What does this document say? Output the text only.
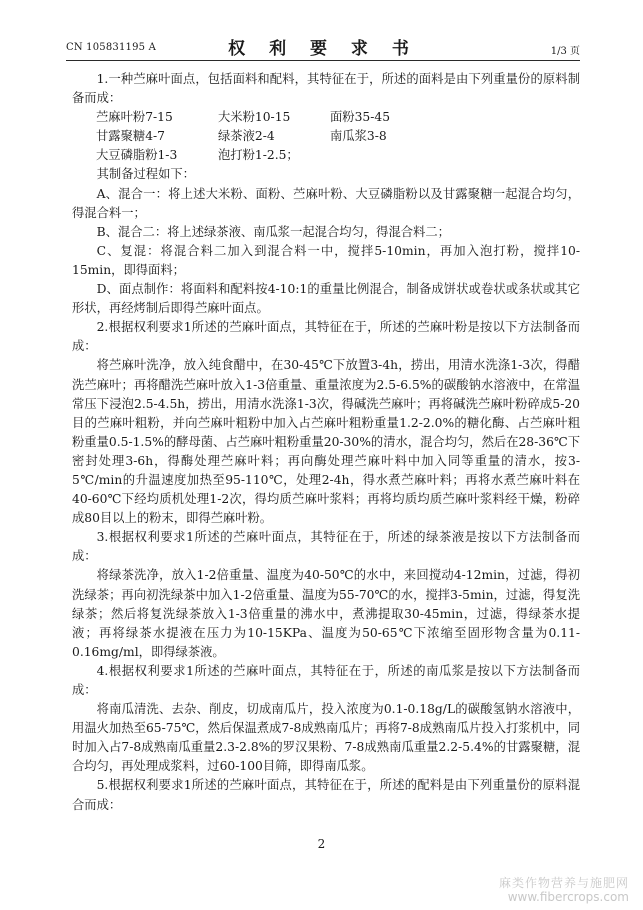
CN 105831195 A	权 利 要 求 书	1/3 页

1.一种苎麻叶面点，包括面料和配料，其特征在于，所述的面料是由下列重量份的原料制备而成：

苎麻叶粉7-15	大米粉10-15	面粉35-45
甘露聚糖4-7	绿茶液2-4	南瓜浆3-8
大豆磷脂粉1-3	泡打粉1-2.5；

其制备过程如下：

A、混合一：将上述大米粉、面粉、苎麻叶粉、大豆磷脂粉以及甘露聚糖一起混合均匀，得混合料一；

B、混合二：将上述绿茶液、南瓜浆一起混合均匀，得混合料二；

C、复混：将混合料二加入到混合料一中，搅拌5-10min，再加入泡打粉，搅拌10-15min，即得面料；

D、面点制作：将面料和配料按4-10:1的重量比例混合，制备成饼状或卷状或条状或其它形状，再经烤制后即得苎麻叶面点。

2.根据权利要求1所述的苎麻叶面点，其特征在于，所述的苎麻叶粉是按以下方法制备而成：

将苎麻叶洗净，放入纯食醋中，在30-45℃下放置3-4h，捞出，用清水洗涤1-3次，得醋洗苎麻叶；再将醋洗苎麻叶放入1-3倍重量、重量浓度为2.5-6.5%的碳酸钠水溶液中，在常温常压下浸泡2.5-4.5h，捞出，用清水洗涤1-3次，得碱洗苎麻叶；再将碱洗苎麻叶粉碎成5-20目的苎麻叶粗粉，并向苎麻叶粗粉中加入占苎麻叶粗粉重量1.2-2.0%的糖化酶、占苎麻叶粗粉重量0.5-1.5%的酵母菌、占苎麻叶粗粉重量20-30%的清水，混合均匀，然后在28-36℃下密封处理3-6h，得酶处理苎麻叶料；再向酶处理苎麻叶料中加入同等重量的清水，按3-5℃/min的升温速度加热至95-110℃，处理2-4h，得水煮苎麻叶料；再将水煮苎麻叶料在40-60℃下经均质机处理1-2次，得均质苎麻叶浆料；再将均质均质苎麻叶浆料经干燥，粉碎成80目以上的粉末，即得苎麻叶粉。

3.根据权利要求1所述的苎麻叶面点，其特征在于，所述的绿茶液是按以下方法制备而成：

将绿茶洗净，放入1-2倍重量、温度为40-50℃的水中，来回搅动4-12min，过滤，得初洗绿茶；再向初洗绿茶中加入1-2倍重量、温度为55-70℃的水，搅拌3-5min，过滤，得复洗绿茶；然后将复洗绿茶放入1-3倍重量的沸水中，煮沸提取30-45min，过滤，得绿茶水提液；再将绿茶水提液在压力为10-15KPa、温度为50-65℃下浓缩至固形物含量为0.11-0.16mg/ml，即得绿茶液。

4.根据权利要求1所述的苎麻叶面点，其特征在于，所述的南瓜浆是按以下方法制备而成：

将南瓜清洗、去杂、削皮，切成南瓜片，投入浓度为0.1-0.18g/L的碳酸氢钠水溶液中，用温火加热至65-75℃，然后保温煮成7-8成熟南瓜片；再将7-8成熟南瓜片投入打浆机中，同时加入占7-8成熟南瓜重量2.3-2.8%的罗汉果粉、7-8成熟南瓜重量2.2-5.4%的甘露聚糖，混合均匀，再处理成浆料，过60-100目筛，即得南瓜浆。

5.根据权利要求1所述的苎麻叶面点，其特征在于，所述的配料是由下列重量份的原料混合而成：

2
麻类作物营养与施肥网
www.fibercrops.com
